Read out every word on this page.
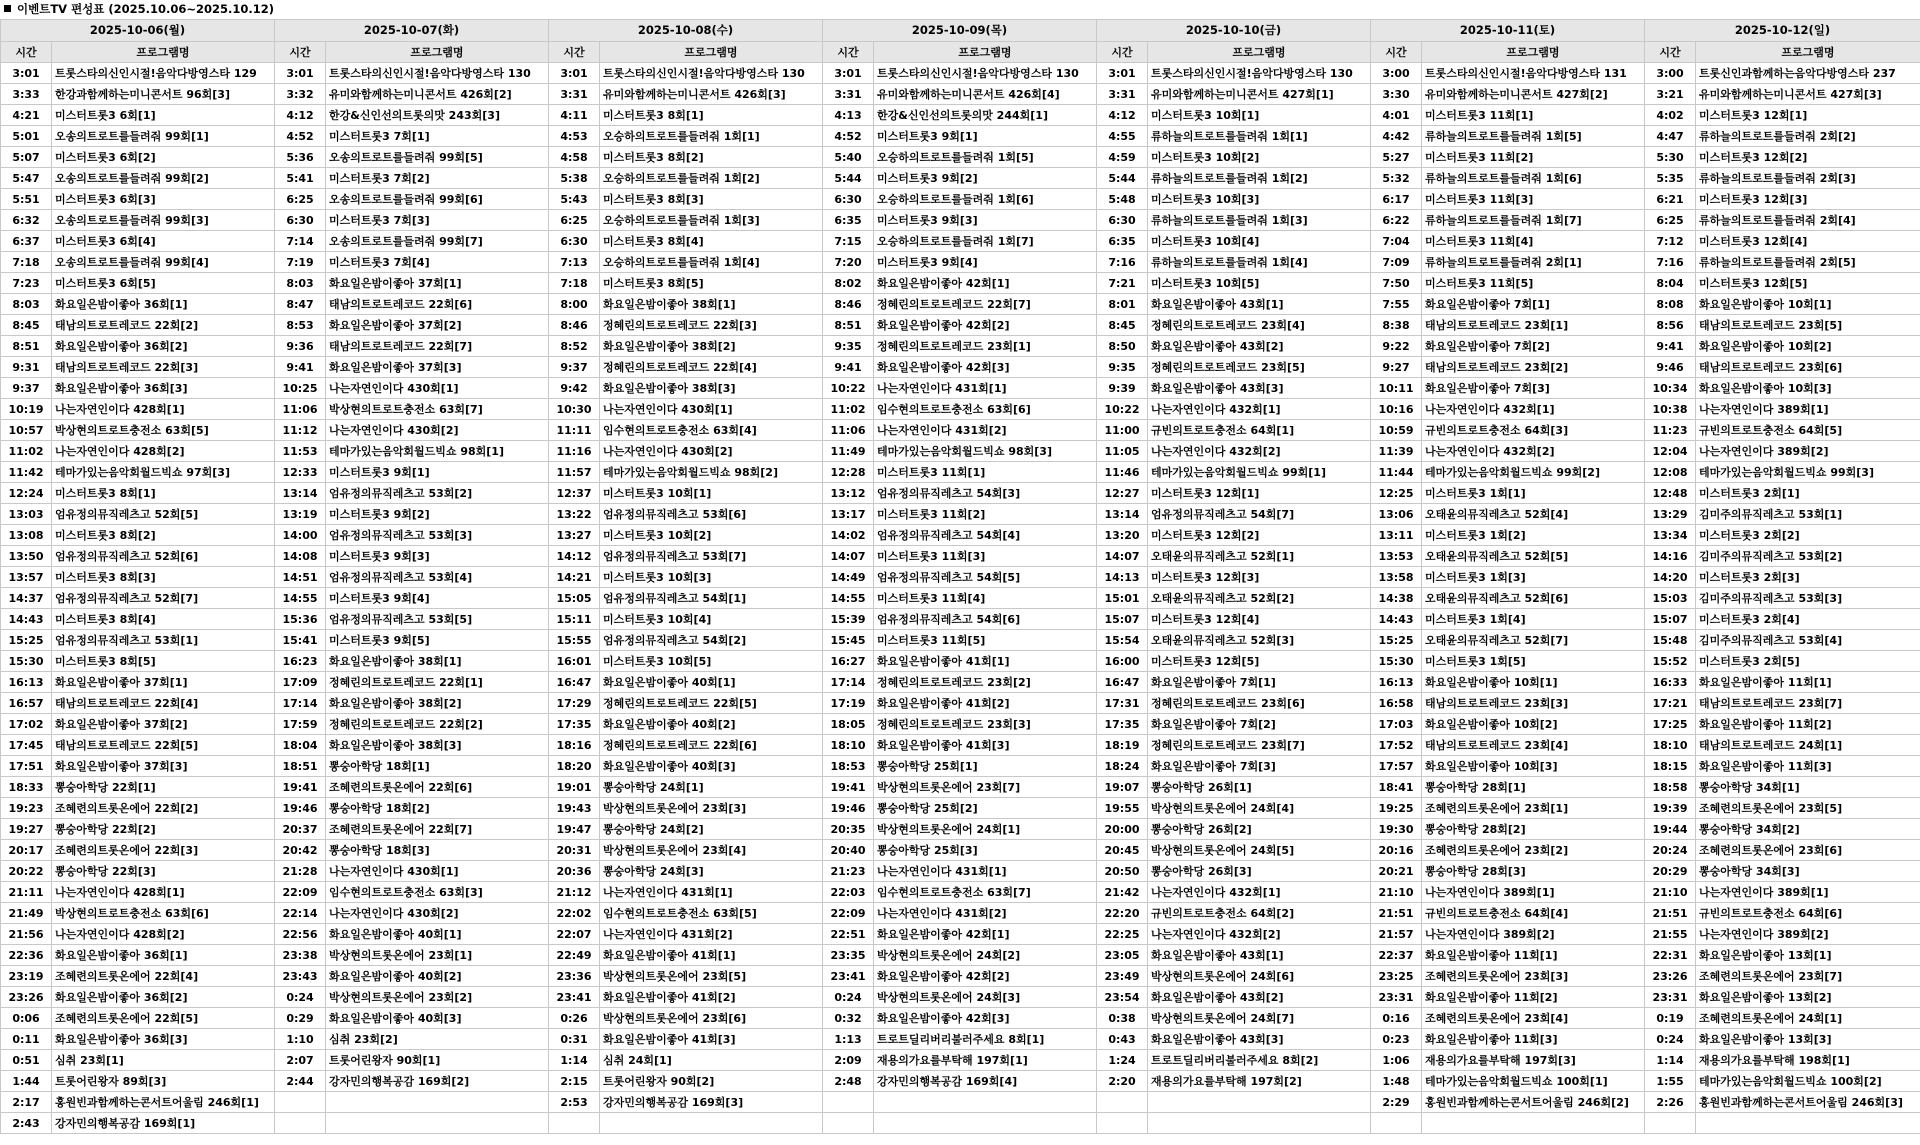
이벤트TV 편성표 (2025.10.06~2025.10.12)
2025-10-06(월)		2025-10-07(화)		2025-10-08(수)		2025-10-09(목)		2025-10-10(금)		2025-10-11(토)		2025-10-12(일)	
시간	프로그램명	시간	프로그램명	시간	프로그램명	시간	프로그램명	시간	프로그램명	시간	프로그램명	시간	프로그램명
3:01	트롯스타의신인시절!음악다방영스타 129	3:01	트롯스타의신인시절!음악다방영스타 130	3:01	트롯스타의신인시절!음악다방영스타 130	3:01	트롯스타의신인시절!음악다방영스타 130	3:01	트롯스타의신인시절!음악다방영스타 130	3:00	트롯스타의신인시절!음악다방영스타 131	3:00	트롯신인과함께하는음악다방영스타 237
3:33	한강과함께하는미니콘서트 96회[3]	3:32	유미와함께하는미니콘서트 426회[2]	3:31	유미와함께하는미니콘서트 426회[3]	3:31	유미와함께하는미니콘서트 426회[4]	3:31	유미와함께하는미니콘서트 427회[1]	3:30	유미와함께하는미니콘서트 427회[2]	3:21	유미와함께하는미니콘서트 427회[3]
4:21	미스터트롯3 6회[1]	4:12	한강&신인선의트롯의맛 243회[3]	4:11	미스터트롯3 8회[1]	4:13	한강&신인선의트롯의맛 244회[1]	4:12	미스터트롯3 10회[1]	4:01	미스터트롯3 11회[1]	4:02	미스터트롯3 12회[1]
5:01	오송의트로트를들려줘 99회[1]	4:52	미스터트롯3 7회[1]	4:53	오승하의트로트를들려줘 1회[1]	4:52	미스터트롯3 9회[1]	4:55	류하늘의트로트를들려줘 1회[1]	4:42	류하늘의트로트를들려줘 1회[5]	4:47	류하늘의트로트를들려줘 2회[2]
5:07	미스터트롯3 6회[2]	5:36	오송의트로트를들려줘 99회[5]	4:58	미스터트롯3 8회[2]	5:40	오승하의트로트를들려줘 1회[5]	4:59	미스터트롯3 10회[2]	5:27	미스터트롯3 11회[2]	5:30	미스터트롯3 12회[2]
5:47	오송의트로트를들려줘 99회[2]	5:41	미스터트롯3 7회[2]	5:38	오승하의트로트를들려줘 1회[2]	5:44	미스터트롯3 9회[2]	5:44	류하늘의트로트를들려줘 1회[2]	5:32	류하늘의트로트를들려줘 1회[6]	5:35	류하늘의트로트를들려줘 2회[3]
5:51	미스터트롯3 6회[3]	6:25	오송의트로트를들려줘 99회[6]	5:43	미스터트롯3 8회[3]	6:30	오승하의트로트를들려줘 1회[6]	5:48	미스터트롯3 10회[3]	6:17	미스터트롯3 11회[3]	6:21	미스터트롯3 12회[3]
6:32	오송의트로트를들려줘 99회[3]	6:30	미스터트롯3 7회[3]	6:25	오승하의트로트를들려줘 1회[3]	6:35	미스터트롯3 9회[3]	6:30	류하늘의트로트를들려줘 1회[3]	6:22	류하늘의트로트를들려줘 1회[7]	6:25	류하늘의트로트를들려줘 2회[4]
6:37	미스터트롯3 6회[4]	7:14	오송의트로트를들려줘 99회[7]	6:30	미스터트롯3 8회[4]	7:15	오승하의트로트를들려줘 1회[7]	6:35	미스터트롯3 10회[4]	7:04	미스터트롯3 11회[4]	7:12	미스터트롯3 12회[4]
7:18	오송의트로트를들려줘 99회[4]	7:19	미스터트롯3 7회[4]	7:13	오승하의트로트를들려줘 1회[4]	7:20	미스터트롯3 9회[4]	7:16	류하늘의트로트를들려줘 1회[4]	7:09	류하늘의트로트를들려줘 2회[1]	7:16	류하늘의트로트를들려줘 2회[5]
7:23	미스터트롯3 6회[5]	8:03	화요일은밤이좋아 37회[1]	7:18	미스터트롯3 8회[5]	8:02	화요일은밤이좋아 42회[1]	7:21	미스터트롯3 10회[5]	7:50	미스터트롯3 11회[5]	8:04	미스터트롯3 12회[5]
8:03	화요일은밤이좋아 36회[1]	8:47	태남의트로트레코드 22회[6]	8:00	화요일은밤이좋아 38회[1]	8:46	정혜린의트로트레코드 22회[7]	8:01	화요일은밤이좋아 43회[1]	7:55	화요일은밤이좋아 7회[1]	8:08	화요일은밤이좋아 10회[1]
8:45	태남의트로트레코드 22회[2]	8:53	화요일은밤이좋아 37회[2]	8:46	정혜린의트로트레코드 22회[3]	8:51	화요일은밤이좋아 42회[2]	8:45	정혜린의트로트레코드 23회[4]	8:38	태남의트로트레코드 23회[1]	8:56	태남의트로트레코드 23회[5]
8:51	화요일은밤이좋아 36회[2]	9:36	태남의트로트레코드 22회[7]	8:52	화요일은밤이좋아 38회[2]	9:35	정혜린의트로트레코드 23회[1]	8:50	화요일은밤이좋아 43회[2]	9:22	화요일은밤이좋아 7회[2]	9:41	화요일은밤이좋아 10회[2]
9:31	태남의트로트레코드 22회[3]	9:41	화요일은밤이좋아 37회[3]	9:37	정혜린의트로트레코드 22회[4]	9:41	화요일은밤이좋아 42회[3]	9:35	정혜린의트로트레코드 23회[5]	9:27	태남의트로트레코드 23회[2]	9:46	태남의트로트레코드 23회[6]
9:37	화요일은밤이좋아 36회[3]	10:25	나는자연인이다 430회[1]	9:42	화요일은밤이좋아 38회[3]	10:22	나는자연인이다 431회[1]	9:39	화요일은밤이좋아 43회[3]	10:11	화요일은밤이좋아 7회[3]	10:34	화요일은밤이좋아 10회[3]
10:19	나는자연인이다 428회[1]	11:06	박상현의트로트충전소 63회[7]	10:30	나는자연인이다 430회[1]	11:02	임수현의트로트충전소 63회[6]	10:22	나는자연인이다 432회[1]	10:16	나는자연인이다 432회[1]	10:38	나는자연인이다 389회[1]
10:57	박상현의트로트충전소 63회[5]	11:12	나는자연인이다 430회[2]	11:11	임수현의트로트충전소 63회[4]	11:06	나는자연인이다 431회[2]	11:00	규빈의트로트충전소 64회[1]	10:59	규빈의트로트충전소 64회[3]	11:23	규빈의트로트충전소 64회[5]
11:02	나는자연인이다 428회[2]	11:53	테마가있는음악회월드빅쇼 98회[1]	11:16	나는자연인이다 430회[2]	11:49	테마가있는음악회월드빅쇼 98회[3]	11:05	나는자연인이다 432회[2]	11:39	나는자연인이다 432회[2]	12:04	나는자연인이다 389회[2]
11:42	테마가있는음악회월드빅쇼 97회[3]	12:33	미스터트롯3 9회[1]	11:57	테마가있는음악회월드빅쇼 98회[2]	12:28	미스터트롯3 11회[1]	11:46	테마가있는음악회월드빅쇼 99회[1]	11:44	테마가있는음악회월드빅쇼 99회[2]	12:08	테마가있는음악회월드빅쇼 99회[3]
12:24	미스터트롯3 8회[1]	13:14	엄유정의뮤직레츠고 53회[2]	12:37	미스터트롯3 10회[1]	13:12	엄유정의뮤직레츠고 54회[3]	12:27	미스터트롯3 12회[1]	12:25	미스터트롯3 1회[1]	12:48	미스터트롯3 2회[1]
13:03	엄유정의뮤직레츠고 52회[5]	13:19	미스터트롯3 9회[2]	13:22	엄유정의뮤직레츠고 53회[6]	13:17	미스터트롯3 11회[2]	13:14	엄유정의뮤직레츠고 54회[7]	13:06	오태윤의뮤직레츠고 52회[4]	13:29	김미주의뮤직레츠고 53회[1]
13:08	미스터트롯3 8회[2]	14:00	엄유정의뮤직레츠고 53회[3]	13:27	미스터트롯3 10회[2]	14:02	엄유정의뮤직레츠고 54회[4]	13:20	미스터트롯3 12회[2]	13:11	미스터트롯3 1회[2]	13:34	미스터트롯3 2회[2]
13:50	엄유정의뮤직레츠고 52회[6]	14:08	미스터트롯3 9회[3]	14:12	엄유정의뮤직레츠고 53회[7]	14:07	미스터트롯3 11회[3]	14:07	오태윤의뮤직레츠고 52회[1]	13:53	오태윤의뮤직레츠고 52회[5]	14:16	김미주의뮤직레츠고 53회[2]
13:57	미스터트롯3 8회[3]	14:51	엄유정의뮤직레츠고 53회[4]	14:21	미스터트롯3 10회[3]	14:49	엄유정의뮤직레츠고 54회[5]	14:13	미스터트롯3 12회[3]	13:58	미스터트롯3 1회[3]	14:20	미스터트롯3 2회[3]
14:37	엄유정의뮤직레츠고 52회[7]	14:55	미스터트롯3 9회[4]	15:05	엄유정의뮤직레츠고 54회[1]	14:55	미스터트롯3 11회[4]	15:01	오태윤의뮤직레츠고 52회[2]	14:38	오태윤의뮤직레츠고 52회[6]	15:03	김미주의뮤직레츠고 53회[3]
14:43	미스터트롯3 8회[4]	15:36	엄유정의뮤직레츠고 53회[5]	15:11	미스터트롯3 10회[4]	15:39	엄유정의뮤직레츠고 54회[6]	15:07	미스터트롯3 12회[4]	14:43	미스터트롯3 1회[4]	15:07	미스터트롯3 2회[4]
15:25	엄유정의뮤직레츠고 53회[1]	15:41	미스터트롯3 9회[5]	15:55	엄유정의뮤직레츠고 54회[2]	15:45	미스터트롯3 11회[5]	15:54	오태윤의뮤직레츠고 52회[3]	15:25	오태윤의뮤직레츠고 52회[7]	15:48	김미주의뮤직레츠고 53회[4]
15:30	미스터트롯3 8회[5]	16:23	화요일은밤이좋아 38회[1]	16:01	미스터트롯3 10회[5]	16:27	화요일은밤이좋아 41회[1]	16:00	미스터트롯3 12회[5]	15:30	미스터트롯3 1회[5]	15:52	미스터트롯3 2회[5]
16:13	화요일은밤이좋아 37회[1]	17:09	정혜린의트로트레코드 22회[1]	16:47	화요일은밤이좋아 40회[1]	17:14	정혜린의트로트레코드 23회[2]	16:47	화요일은밤이좋아 7회[1]	16:13	화요일은밤이좋아 10회[1]	16:33	화요일은밤이좋아 11회[1]
16:57	태남의트로트레코드 22회[4]	17:14	화요일은밤이좋아 38회[2]	17:29	정혜린의트로트레코드 22회[5]	17:19	화요일은밤이좋아 41회[2]	17:31	정혜린의트로트레코드 23회[6]	16:58	태남의트로트레코드 23회[3]	17:21	태남의트로트레코드 23회[7]
17:02	화요일은밤이좋아 37회[2]	17:59	정혜린의트로트레코드 22회[2]	17:35	화요일은밤이좋아 40회[2]	18:05	정혜린의트로트레코드 23회[3]	17:35	화요일은밤이좋아 7회[2]	17:03	화요일은밤이좋아 10회[2]	17:25	화요일은밤이좋아 11회[2]
17:45	태남의트로트레코드 22회[5]	18:04	화요일은밤이좋아 38회[3]	18:16	정혜린의트로트레코드 22회[6]	18:10	화요일은밤이좋아 41회[3]	18:19	정혜린의트로트레코드 23회[7]	17:52	태남의트로트레코드 23회[4]	18:10	태남의트로트레코드 24회[1]
17:51	화요일은밤이좋아 37회[3]	18:51	뽕숭아학당 18회[1]	18:20	화요일은밤이좋아 40회[3]	18:53	뽕숭아학당 25회[1]	18:24	화요일은밤이좋아 7회[3]	17:57	화요일은밤이좋아 10회[3]	18:15	화요일은밤이좋아 11회[3]
18:33	뽕숭아학당 22회[1]	19:41	조혜련의트롯온에어 22회[6]	19:01	뽕숭아학당 24회[1]	19:41	박상현의트롯온에어 23회[7]	19:07	뽕숭아학당 26회[1]	18:41	뽕숭아학당 28회[1]	18:58	뽕숭아학당 34회[1]
19:23	조혜련의트롯온에어 22회[2]	19:46	뽕숭아학당 18회[2]	19:43	박상현의트롯온에어 23회[3]	19:46	뽕숭아학당 25회[2]	19:55	박상현의트롯온에어 24회[4]	19:25	조혜련의트롯온에어 23회[1]	19:39	조혜련의트롯온에어 23회[5]
19:27	뽕숭아학당 22회[2]	20:37	조혜련의트롯온에어 22회[7]	19:47	뽕숭아학당 24회[2]	20:35	박상현의트롯온에어 24회[1]	20:00	뽕숭아학당 26회[2]	19:30	뽕숭아학당 28회[2]	19:44	뽕숭아학당 34회[2]
20:17	조혜련의트롯온에어 22회[3]	20:42	뽕숭아학당 18회[3]	20:31	박상현의트롯온에어 23회[4]	20:40	뽕숭아학당 25회[3]	20:45	박상현의트롯온에어 24회[5]	20:16	조혜련의트롯온에어 23회[2]	20:24	조혜련의트롯온에어 23회[6]
20:22	뽕숭아학당 22회[3]	21:28	나는자연인이다 430회[1]	20:36	뽕숭아학당 24회[3]	21:23	나는자연인이다 431회[1]	20:50	뽕숭아학당 26회[3]	20:21	뽕숭아학당 28회[3]	20:29	뽕숭아학당 34회[3]
21:11	나는자연인이다 428회[1]	22:09	임수현의트로트충전소 63회[3]	21:12	나는자연인이다 431회[1]	22:03	임수현의트로트충전소 63회[7]	21:42	나는자연인이다 432회[1]	21:10	나는자연인이다 389회[1]	21:10	나는자연인이다 389회[1]
21:49	박상현의트로트충전소 63회[6]	22:14	나는자연인이다 430회[2]	22:02	임수현의트로트충전소 63회[5]	22:09	나는자연인이다 431회[2]	22:20	규빈의트로트충전소 64회[2]	21:51	규빈의트로트충전소 64회[4]	21:51	규빈의트로트충전소 64회[6]
21:56	나는자연인이다 428회[2]	22:56	화요일은밤이좋아 40회[1]	22:07	나는자연인이다 431회[2]	22:51	화요일은밤이좋아 42회[1]	22:25	나는자연인이다 432회[2]	21:57	나는자연인이다 389회[2]	21:55	나는자연인이다 389회[2]
22:36	화요일은밤이좋아 36회[1]	23:38	박상현의트롯온에어 23회[1]	22:49	화요일은밤이좋아 41회[1]	23:35	박상현의트롯온에어 24회[2]	23:05	화요일은밤이좋아 43회[1]	22:37	화요일은밤이좋아 11회[1]	22:31	화요일은밤이좋아 13회[1]
23:19	조혜련의트롯온에어 22회[4]	23:43	화요일은밤이좋아 40회[2]	23:36	박상현의트롯온에어 23회[5]	23:41	화요일은밤이좋아 42회[2]	23:49	박상현의트롯온에어 24회[6]	23:25	조혜련의트롯온에어 23회[3]	23:26	조혜련의트롯온에어 23회[7]
23:26	화요일은밤이좋아 36회[2]	0:24	박상현의트롯온에어 23회[2]	23:41	화요일은밤이좋아 41회[2]	0:24	박상현의트롯온에어 24회[3]	23:54	화요일은밤이좋아 43회[2]	23:31	화요일은밤이좋아 11회[2]	23:31	화요일은밤이좋아 13회[2]
0:06	조혜련의트롯온에어 22회[5]	0:29	화요일은밤이좋아 40회[3]	0:26	박상현의트롯온에어 23회[6]	0:32	화요일은밤이좋아 42회[3]	0:38	박상현의트롯온에어 24회[7]	0:16	조혜련의트롯온에어 23회[4]	0:19	조혜련의트롯온에어 24회[1]
0:11	화요일은밤이좋아 36회[3]	1:10	심취 23회[2]	0:31	화요일은밤이좋아 41회[3]	1:13	트로트딜리버리불러주세요 8회[1]	0:43	화요일은밤이좋아 43회[3]	0:23	화요일은밤이좋아 11회[3]	0:24	화요일은밤이좋아 13회[3]
0:51	심취 23회[1]	2:07	트롯어린왕자 90회[1]	1:14	심취 24회[1]	2:09	재용의가요를부탁해 197회[1]	1:24	트로트딜리버리불러주세요 8회[2]	1:06	재용의가요를부탁해 197회[3]	1:14	재용의가요를부탁해 198회[1]
1:44	트롯어린왕자 89회[3]	2:44	강자민의행복공감 169회[2]	2:15	트롯어린왕자 90회[2]	2:48	강자민의행복공감 169회[4]	2:20	재용의가요를부탁해 197회[2]	1:48	테마가있는음악회월드빅쇼 100회[1]	1:55	테마가있는음악회월드빅쇼 100회[2]
2:17	홍원빈과함께하는콘서트어울림 246회[1]			2:53	강자민의행복공감 169회[3]					2:29	홍원빈과함께하는콘서트어울림 246회[2]	2:26	홍원빈과함께하는콘서트어울림 246회[3]
2:43	강자민의행복공감 169회[1]												
